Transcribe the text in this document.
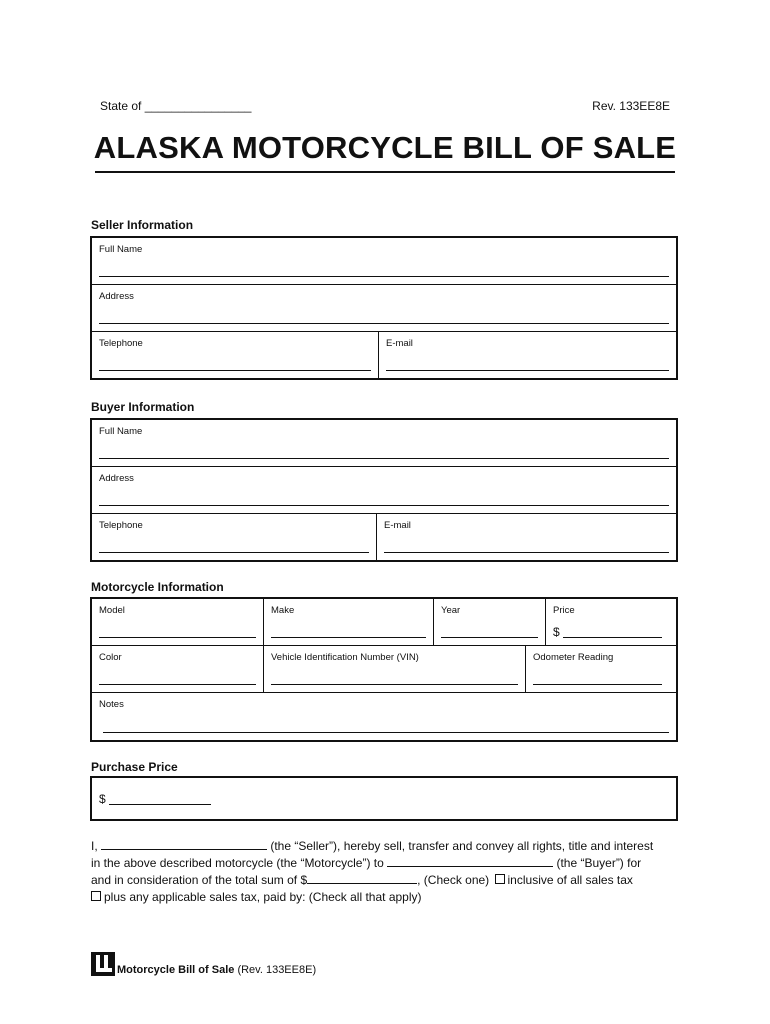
State of ________________	Rev. 133EE8E
ALASKA MOTORCYCLE BILL OF SALE
Seller Information
Full Name
Address
Telephone	E-mail
Buyer Information
Full Name
Address
Telephone	E-mail
Motorcycle Information
Model	Make	Year	Price
$
Color	Vehicle Identification Number (VIN)	Odometer Reading
Notes
Purchase Price
$
I,	(the “Seller”), hereby sell, transfer and convey all rights, title and interest
in the above described motorcycle (the “Motorcycle”) to	(the “Buyer”) for
and in consideration of the total sum of $	, (Check one) inclusive of all sales tax
plus any applicable sales tax, paid by: (Check all that apply)
Motorcycle Bill of Sale (Rev. 133EE8E)
